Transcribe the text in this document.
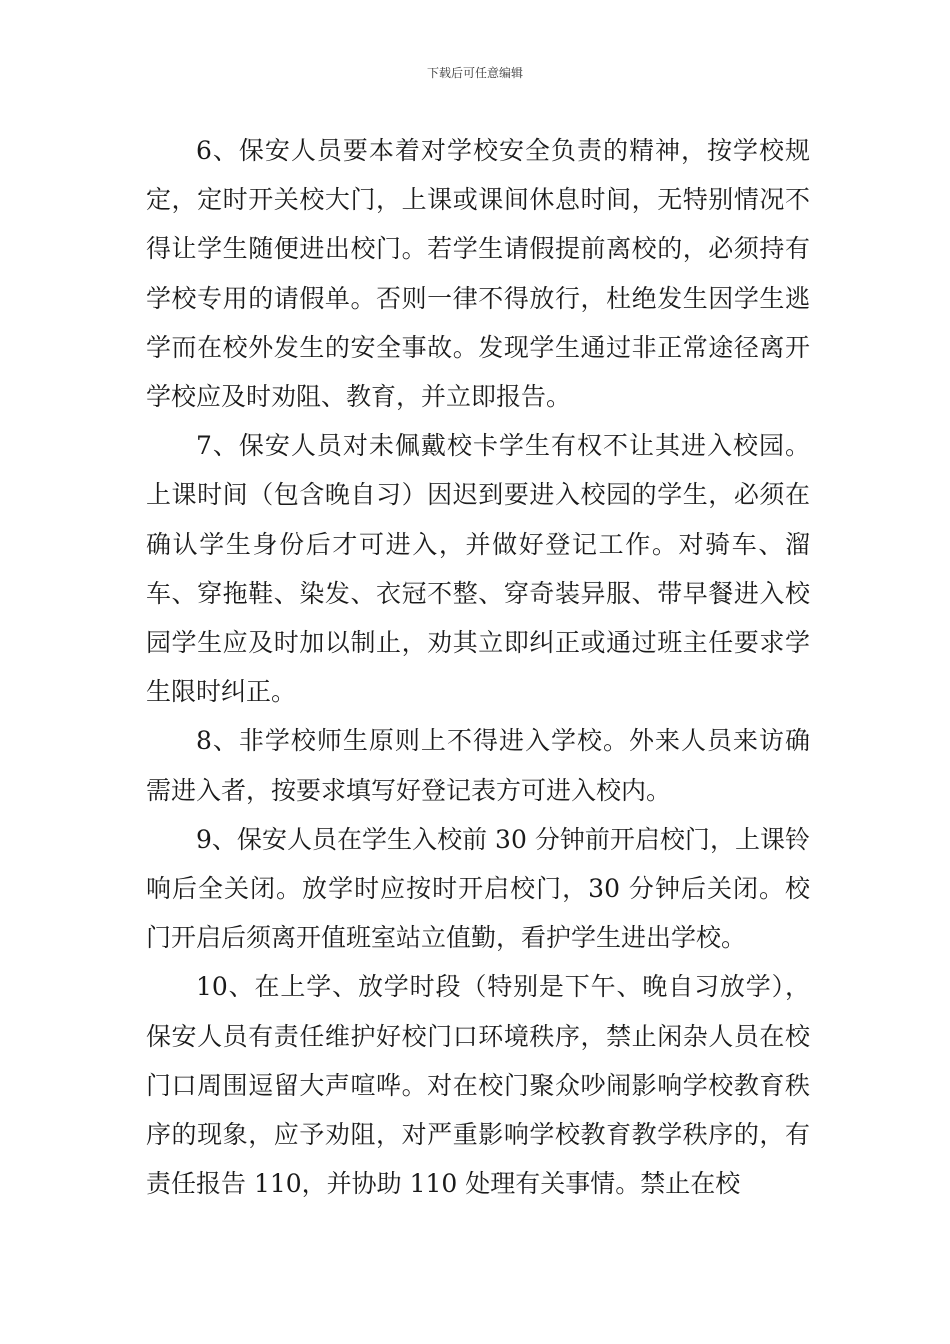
下载后可任意编辑

6、保安人员要本着对学校安全负责的精神，按学校规定，定时开关校大门，上课或课间休息时间，无特别情况不得让学生随便进出校门。若学生请假提前离校的，必须持有学校专用的请假单。否则一律不得放行，杜绝发生因学生逃学而在校外发生的安全事故。发现学生通过非正常途径离开学校应及时劝阻、教育，并立即报告。

7、保安人员对未佩戴校卡学生有权不让其进入校园。上课时间（包含晚自习）因迟到要进入校园的学生，必须在确认学生身份后才可进入，并做好登记工作。对骑车、溜车、穿拖鞋、染发、衣冠不整、穿奇装异服、带早餐进入校园学生应及时加以制止，劝其立即纠正或通过班主任要求学生限时纠正。

8、非学校师生原则上不得进入学校。外来人员来访确需进入者，按要求填写好登记表方可进入校内。

9、保安人员在学生入校前 30 分钟前开启校门，上课铃响后全关闭。放学时应按时开启校门，30 分钟后关闭。校门开启后须离开值班室站立值勤，看护学生进出学校。

10、在上学、放学时段（特别是下午、晚自习放学），保安人员有责任维护好校门口环境秩序，禁止闲杂人员在校门口周围逗留大声喧哗。对在校门聚众吵闹影响学校教育秩序的现象，应予劝阻，对严重影响学校教育教学秩序的，有责任报告 110，并协助 110 处理有关事情。禁止在校
